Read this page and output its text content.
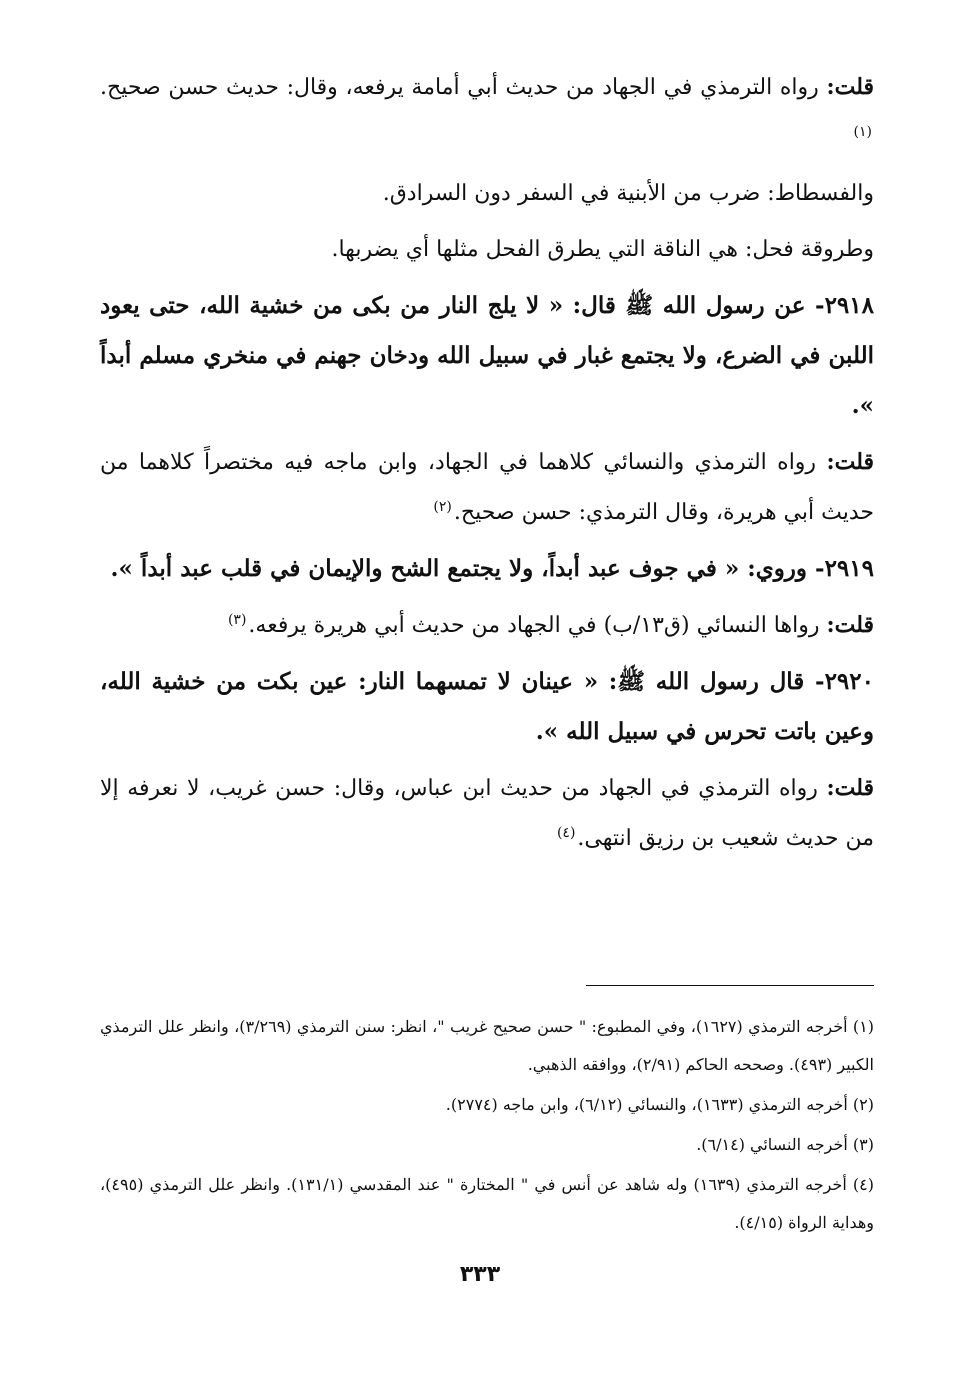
قلت: رواه الترمذي في الجهاد من حديث أبي أمامة يرفعه، وقال: حديث حسن صحيح.$^{(١)}$

والفسطاط: ضرب من الأبنية في السفر دون السرادق.

وطروقة فحل: هي الناقة التي يطرق الفحل مثلها أي يضربها.

٢٩١٨- عن رسول الله ﷺ قال: « لا يلج النار من بكى من خشية الله، حتى يعود اللبن في الضرع، ولا يجتمع غبار في سبيل الله ودخان جهنم في منخري مسلم أبداً ».

قلت: رواه الترمذي والنسائي كلاهما في الجهاد، وابن ماجه فيه مختصراً كلاهما من حديث أبي هريرة، وقال الترمذي: حسن صحيح.$^{(٢)}$

٢٩١٩- وروي: « في جوف عبد أبداً، ولا يجتمع الشح والإيمان في قلب عبد أبداً ».

قلت: رواها النسائي (ق١٣/ب) في الجهاد من حديث أبي هريرة يرفعه.$^{(٣)}$

٢٩٢٠- قال رسول الله ﷺ: « عينان لا تمسهما النار: عين بكت من خشية الله، وعين باتت تحرس في سبيل الله ».

قلت: رواه الترمذي في الجهاد من حديث ابن عباس، وقال: حسن غريب، لا نعرفه إلا من حديث شعيب بن رزيق انتهى.$^{(٤)}$

(١) أخرجه الترمذي (١٦٢٧)، وفي المطبوع: " حسن صحيح غريب "، انظر: سنن الترمذي (٣/٢٦٩)، وانظر علل الترمذي الكبير (٤٩٣). وصححه الحاكم (٢/٩١)، ووافقه الذهبي.

(٢) أخرجه الترمذي (١٦٣٣)، والنسائي (٦/١٢)، وابن ماجه (٢٧٧٤).

(٣) أخرجه النسائي (٦/١٤).

(٤) أخرجه الترمذي (١٦٣٩) وله شاهد عن أنس في " المختارة " عند المقدسي (١٣١/١). وانظر علل الترمذي (٤٩٥)، وهداية الرواة (٤/١٥).

٣٣٣
